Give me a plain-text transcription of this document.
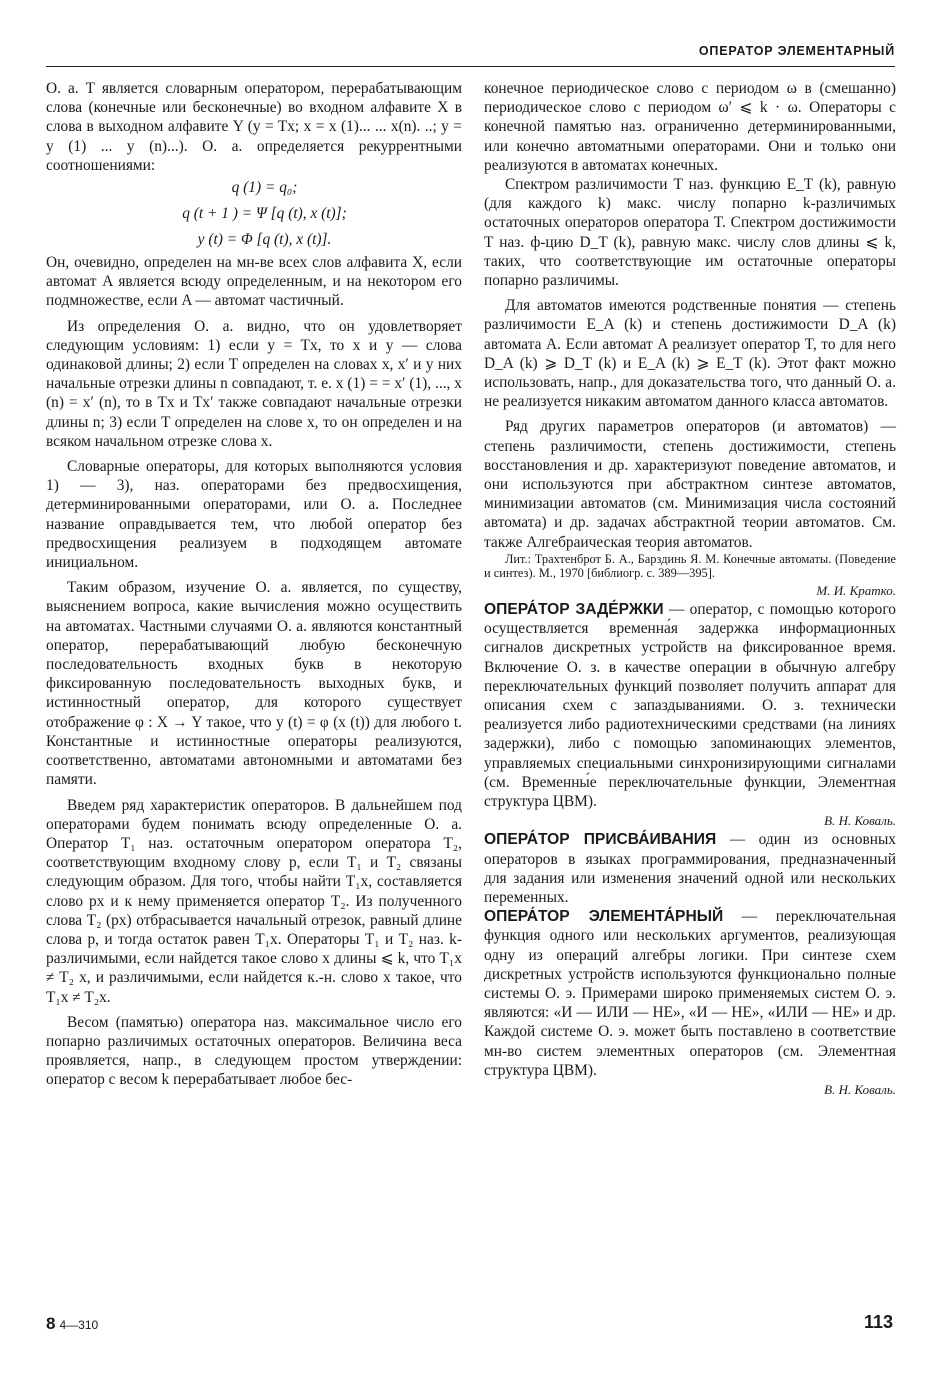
ОПЕРАТОР ЭЛЕМЕНТАРНЫЙ

О. а. T является словарным оператором, перерабатывающим слова (конечные или бесконечные) во входном алфавите X в слова в выходном алфавите Y (y = Tx; x = x (1)... ... x(n). ..; y = y (1) ... y (n)...). О. а. определяется рекуррентными соотношениями:

q (1) = q₀;

q (t + 1 ) = Ψ [q (t), x (t)];

y (t) = Φ [q (t), x (t)].

Он, очевидно, определен на мн-ве всех слов алфавита X, если автомат A является всюду определенным, и на некотором его подмножестве, если A — автомат частичный.

Из определения О. а. видно, что он удовлетворяет следующим условиям: 1) если y = Tx, то x и y — слова одинаковой длины; 2) если T определен на словах x, x′ и у них начальные отрезки длины n совпадают, т. е. x (1) = = x′ (1), ..., x (n) = x′ (n), то в Tx и Tx′ также совпадают начальные отрезки длины n; 3) если T определен на слове x, то он определен и на всяком начальном отрезке слова x.

Словарные операторы, для которых выполняются условия 1) — 3), наз. операторами без предвосхищения, детерминированными операторами, или О. а. Последнее название оправдывается тем, что любой оператор без предвосхищения реализуем в подходящем автомате инициальном.

Таким образом, изучение О. а. является, по существу, выяснением вопроса, какие вычисления можно осуществить на автоматах. Частными случаями О. а. являются константный оператор, перерабатывающий любую бесконечную последовательность входных букв в некоторую фиксированную последовательность выходных букв, и истинностный оператор, для которого существует отображение φ : X → Y такое, что y (t) = φ (x (t)) для любого t. Константные и истинностные операторы реализуются, соответственно, автоматами автономными и автоматами без памяти.

Введем ряд характеристик операторов. В дальнейшем под операторами будем понимать всюду определенные О. а. Оператор T₁ наз. остаточным оператором оператора T₂, соответствующим входному слову p, если T₁ и T₂ связаны следующим образом. Для того, чтобы найти T₁x, составляется слово px и к нему применяется оператор T₂. Из полученного слова T₂ (px) отбрасывается начальный отрезок, равный длине слова p, и тогда остаток равен T₁x. Операторы T₁ и T₂ наз. k-различимыми, если найдется такое слово x длины ⩽ k, что T₁x ≠ T₂ x, и различимыми, если найдется к.-н. слово x такое, что T₁x ≠ T₂x.

Весом (памятью) оператора наз. максимальное число его попарно различимых остаточных операторов. Величина веса проявляется, напр., в следующем простом утверждении: оператор с весом k перерабатывает любое бес-

конечное периодическое слово с периодом ω в (смешанно) периодическое слово с периодом ω′ ⩽ k · ω. Операторы с конечной памятью наз. ограниченно детерминированными, или конечно автоматными операторами. Они и только они реализуются в автоматах конечных.

Спектром различимости T наз. функцию E_T (k), равную (для каждого k) макс. числу попарно k-различимых остаточных операторов оператора T. Спектром достижимости T наз. ф-цию D_T (k), равную макс. числу слов длины ⩽ k, таких, что соответствующие им остаточные операторы попарно различимы.

Для автоматов имеются родственные понятия — степень различимости E_A (k) и степень достижимости D_A (k) автомата A. Если автомат A реализует оператор T, то для него D_A (k) ⩾ D_T (k) и E_A (k) ⩾ E_T (k). Этот факт можно использовать, напр., для доказательства того, что данный О. а. не реализуется никаким автоматом данного класса автоматов.

Ряд других параметров операторов (и автоматов) — степень различимости, степень достижимости, степень восстановления и др. характеризуют поведение автоматов, и они используются при абстрактном синтезе автоматов, минимизации автоматов (см. Минимизация числа состояний автомата) и др. задачах абстрактной теории автоматов. См. также Алгебраическая теория автоматов.

Лит.: Трахтенброт Б. А., Барздинь Я. М. Конечные автоматы. (Поведение и синтез). М., 1970 [библиогр. с. 389—395].

М. И. Кратко.

ОПЕРА́ТОР ЗАДЕ́РЖКИ — оператор, с помощью которого осуществляется временна́я задержка информационных сигналов дискретных устройств на фиксированное время. Включение О. з. в качестве операции в обычную алгебру переключательных функций позволяет получить аппарат для описания схем с запаздываниями. О. з. технически реализуется либо радиотехническими средствами (на линиях задержки), либо с помощью запоминающих элементов, управляемых специальными синхронизирующими сигналами (см. Временны́е переключательные функции, Элементная структура ЦВМ).

В. Н. Коваль.

ОПЕРА́ТОР ПРИСВА́ИВАНИЯ — один из основных операторов в языках программирования, предназначенный для задания или изменения значений одной или нескольких переменных.

ОПЕРА́ТОР ЭЛЕМЕНТА́РНЫЙ — переключательная функция одного или нескольких аргументов, реализующая одну из операций алгебры логики. При синтезе схем дискретных устройств используются функционально полные системы О. э. Примерами широко применяемых систем О. э. являются: «И — ИЛИ — НЕ», «И — НЕ», «ИЛИ — НЕ» и др. Каждой системе О. э. может быть поставлено в соответствие мн-во систем элементных операторов (см. Элементная структура ЦВМ).

В. Н. Коваль.

8 4—310	113
